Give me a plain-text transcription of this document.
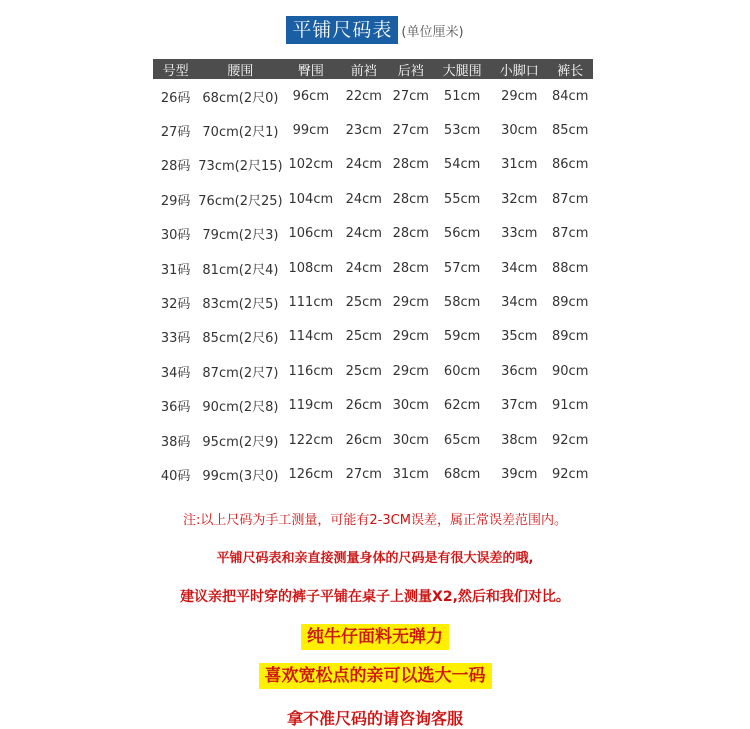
平铺尺码表 (单位厘米)
号型	腰围	臀围	前裆	后裆	大腿围	小脚口	裤长
26码	68cm(2尺0)	96cm	22cm	27cm	51cm	29cm	84cm
27码	70cm(2尺1)	99cm	23cm	27cm	53cm	30cm	85cm
28码	73cm(2尺15)	102cm	24cm	28cm	54cm	31cm	86cm
29码	76cm(2尺25)	104cm	24cm	28cm	55cm	32cm	87cm
30码	79cm(2尺3)	106cm	24cm	28cm	56cm	33cm	87cm
31码	81cm(2尺4)	108cm	24cm	28cm	57cm	34cm	88cm
32码	83cm(2尺5)	111cm	25cm	29cm	58cm	34cm	89cm
33码	85cm(2尺6)	114cm	25cm	29cm	59cm	35cm	89cm
34码	87cm(2尺7)	116cm	25cm	29cm	60cm	36cm	90cm
36码	90cm(2尺8)	119cm	26cm	30cm	62cm	37cm	91cm
38码	95cm(2尺9)	122cm	26cm	30cm	65cm	38cm	92cm
40码	99cm(3尺0)	126cm	27cm	31cm	68cm	39cm	92cm
注:以上尺码为手工测量，可能有2-3CM误差，属正常误差范围内。
平铺尺码表和亲直接测量身体的尺码是有很大误差的哦,
建议亲把平时穿的裤子平铺在桌子上测量X2,然后和我们对比。
纯牛仔面料无弹力
喜欢宽松点的亲可以选大一码
拿不准尺码的请咨询客服
